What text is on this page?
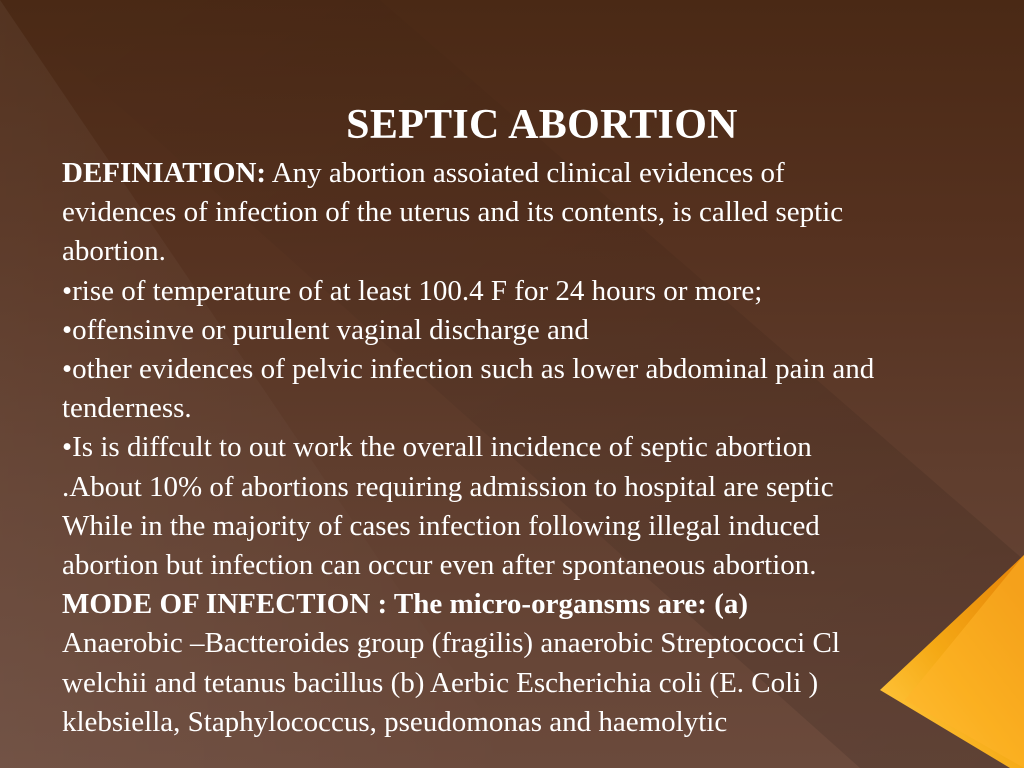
SEPTIC ABORTION
DEFINIATION: Any abortion assoiated clinical evidences of
evidences of infection of the uterus and its contents, is called septic
abortion.
•rise of temperature of at least 100.4 F for 24 hours or more;
•offensinve or purulent vaginal discharge and
•other evidences of pelvic infection such as lower abdominal pain and
tenderness.
•Is is diffcult to out work the overall incidence of septic abortion
.About 10% of abortions requiring admission to hospital are septic
While in the majority of cases infection following illegal induced
abortion but infection can occur even after spontaneous abortion.
MODE OF INFECTION : The micro-organsms are: (a)
Anaerobic –Bactteroides group (fragilis) anaerobic Streptococci Cl
welchii and tetanus bacillus (b) Aerbic Escherichia coli (E. Coli )
klebsiella, Staphylococcus, pseudomonas and haemolytic
